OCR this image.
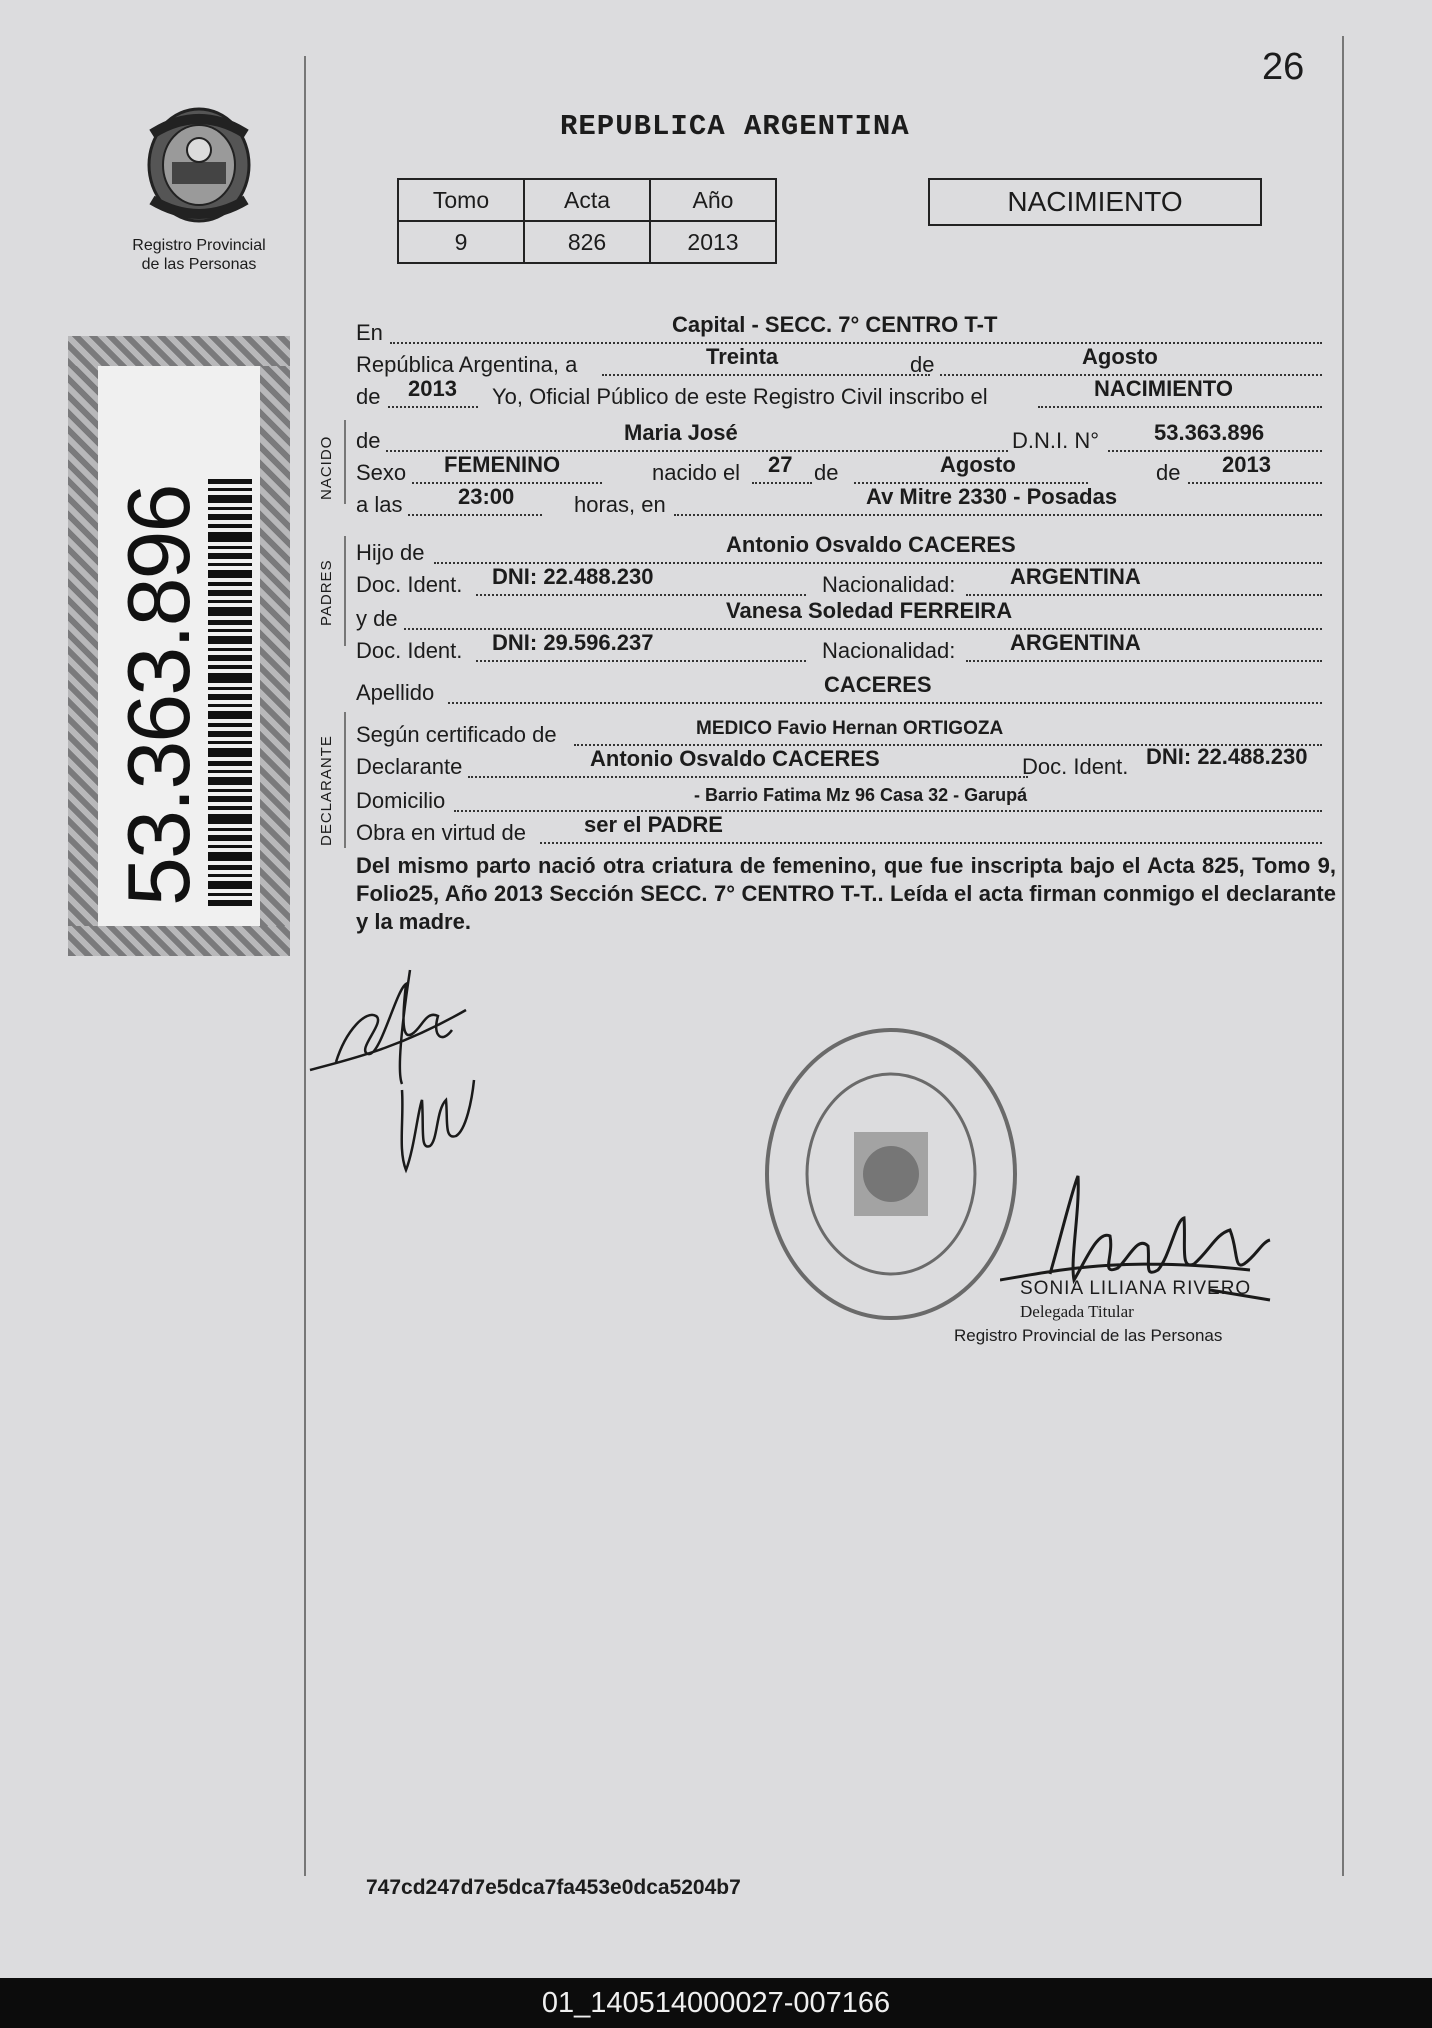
26
Registro Provincial
de las Personas
53.363.896
REPUBLICA ARGENTINA
Tomo	Acta	Año
9	826	2013
NACIMIENTO
NACIDO
PADRES
DECLARANTE
En	Capital - SECC. 7° CENTRO T-T
República Argentina, a	Treinta	de	Agosto
de 2013 Yo, Oficial Público de este Registro Civil inscribo el	NACIMIENTO
de	Maria José	D.N.I. N° 53.363.896
Sexo FEMENINO	nacido el 27 de	Agosto	de 2013
a las	23:00	horas, en	Av Mitre 2330 - Posadas
Hijo de	Antonio Osvaldo CACERES
Doc. Ident. DNI: 22.488.230	Nacionalidad: ARGENTINA
y de	Vanesa Soledad FERREIRA
Doc. Ident. DNI: 29.596.237	Nacionalidad: ARGENTINA
Apellido	CACERES
Según certificado de	MEDICO Favio Hernan ORTIGOZA
Declarante	Antonio Osvaldo CACERES	Doc. Ident. DNI: 22.488.230
Domicilio	- Barrio Fatima Mz 96 Casa 32 - Garupá
Obra en virtud de	ser el PADRE
Del mismo parto nació otra criatura de femenino, que fue inscripta bajo el Acta 825, Tomo 9, Folio25, Año 2013 Sección SECC. 7° CENTRO T-T.. Leída el acta firman conmigo el declarante y la madre.
SONIA LILIANA RIVERO
Delegada Titular
Registro Provincial de las Personas
747cd247d7e5dca7fa453e0dca5204b7
01_140514000027-007166
